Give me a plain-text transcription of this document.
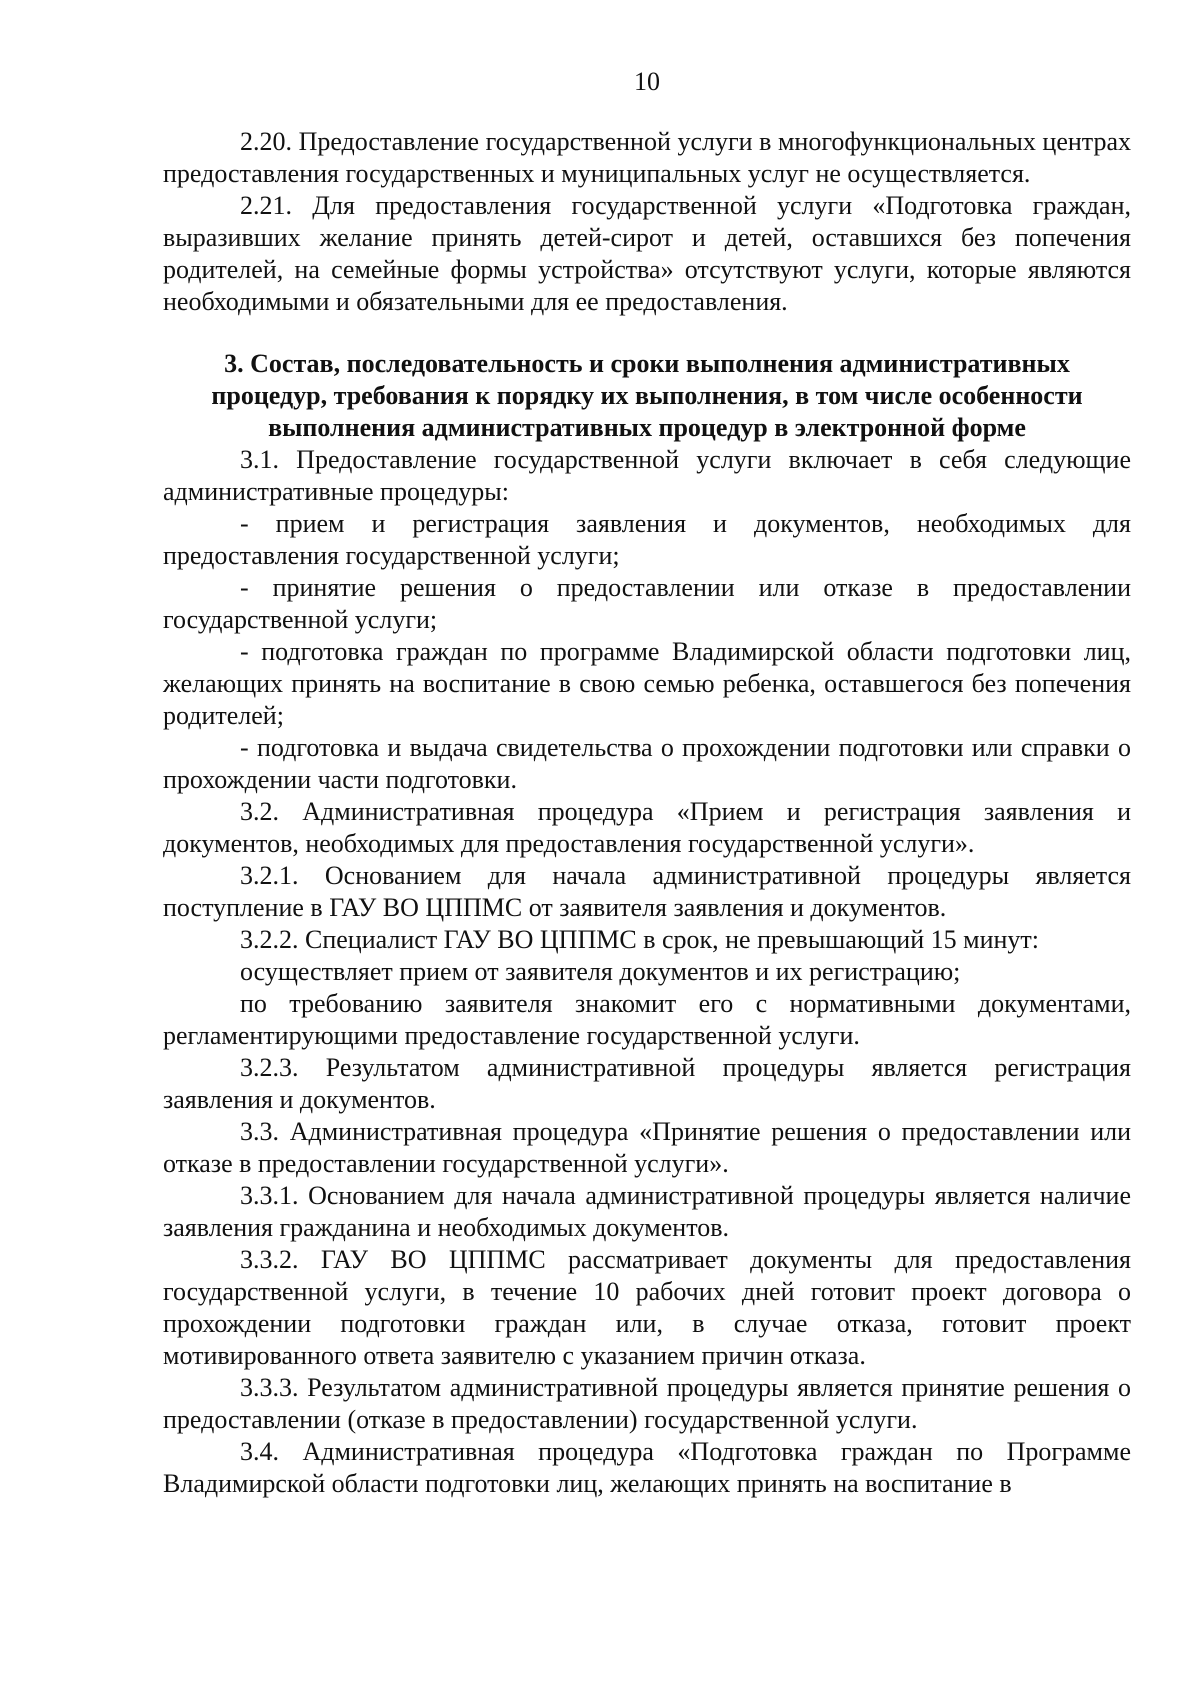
10

2.20. Предоставление государственной услуги в многофункциональных центрах предоставления государственных и муниципальных услуг не осуществляется.

2.21. Для предоставления государственной услуги «Подготовка граждан, выразивших желание принять детей-сирот и детей, оставшихся без попечения родителей, на семейные формы устройства» отсутствуют услуги, которые являются необходимыми и обязательными для ее предоставления.

3. Состав, последовательность и сроки выполнения административных
процедур, требования к порядку их выполнения, в том числе особенности
выполнения административных процедур в электронной форме

3.1. Предоставление государственной услуги включает в себя следующие административные процедуры:

- прием и регистрация заявления и документов, необходимых для предоставления государственной услуги;

- принятие решения о предоставлении или отказе в предоставлении государственной услуги;

- подготовка граждан по программе Владимирской области подготовки лиц, желающих принять на воспитание в свою семью ребенка, оставшегося без попечения родителей;

- подготовка и выдача свидетельства о прохождении подготовки или справки о прохождении части подготовки.

3.2. Административная процедура «Прием и регистрация заявления и документов, необходимых для предоставления государственной услуги».

3.2.1. Основанием для начала административной процедуры является поступление в ГАУ ВО ЦППМС от заявителя заявления и документов.

3.2.2. Специалист ГАУ ВО ЦППМС в срок, не превышающий 15 минут:

осуществляет прием от заявителя документов и их регистрацию;

по требованию заявителя знакомит его с нормативными документами, регламентирующими предоставление государственной услуги.

3.2.3. Результатом административной процедуры является регистрация заявления и документов.

3.3. Административная процедура «Принятие решения о предоставлении или отказе в предоставлении государственной услуги».

3.3.1. Основанием для начала административной процедуры является наличие заявления гражданина и необходимых документов.

3.3.2. ГАУ ВО ЦППМС рассматривает документы для предоставления государственной услуги, в течение 10 рабочих дней готовит проект договора о прохождении подготовки граждан или, в случае отказа, готовит проект мотивированного ответа заявителю с указанием причин отказа.

3.3.3. Результатом административной процедуры является принятие решения о предоставлении (отказе в предоставлении) государственной услуги.

3.4. Административная процедура «Подготовка граждан по Программе Владимирской области подготовки лиц, желающих принять на воспитание в
